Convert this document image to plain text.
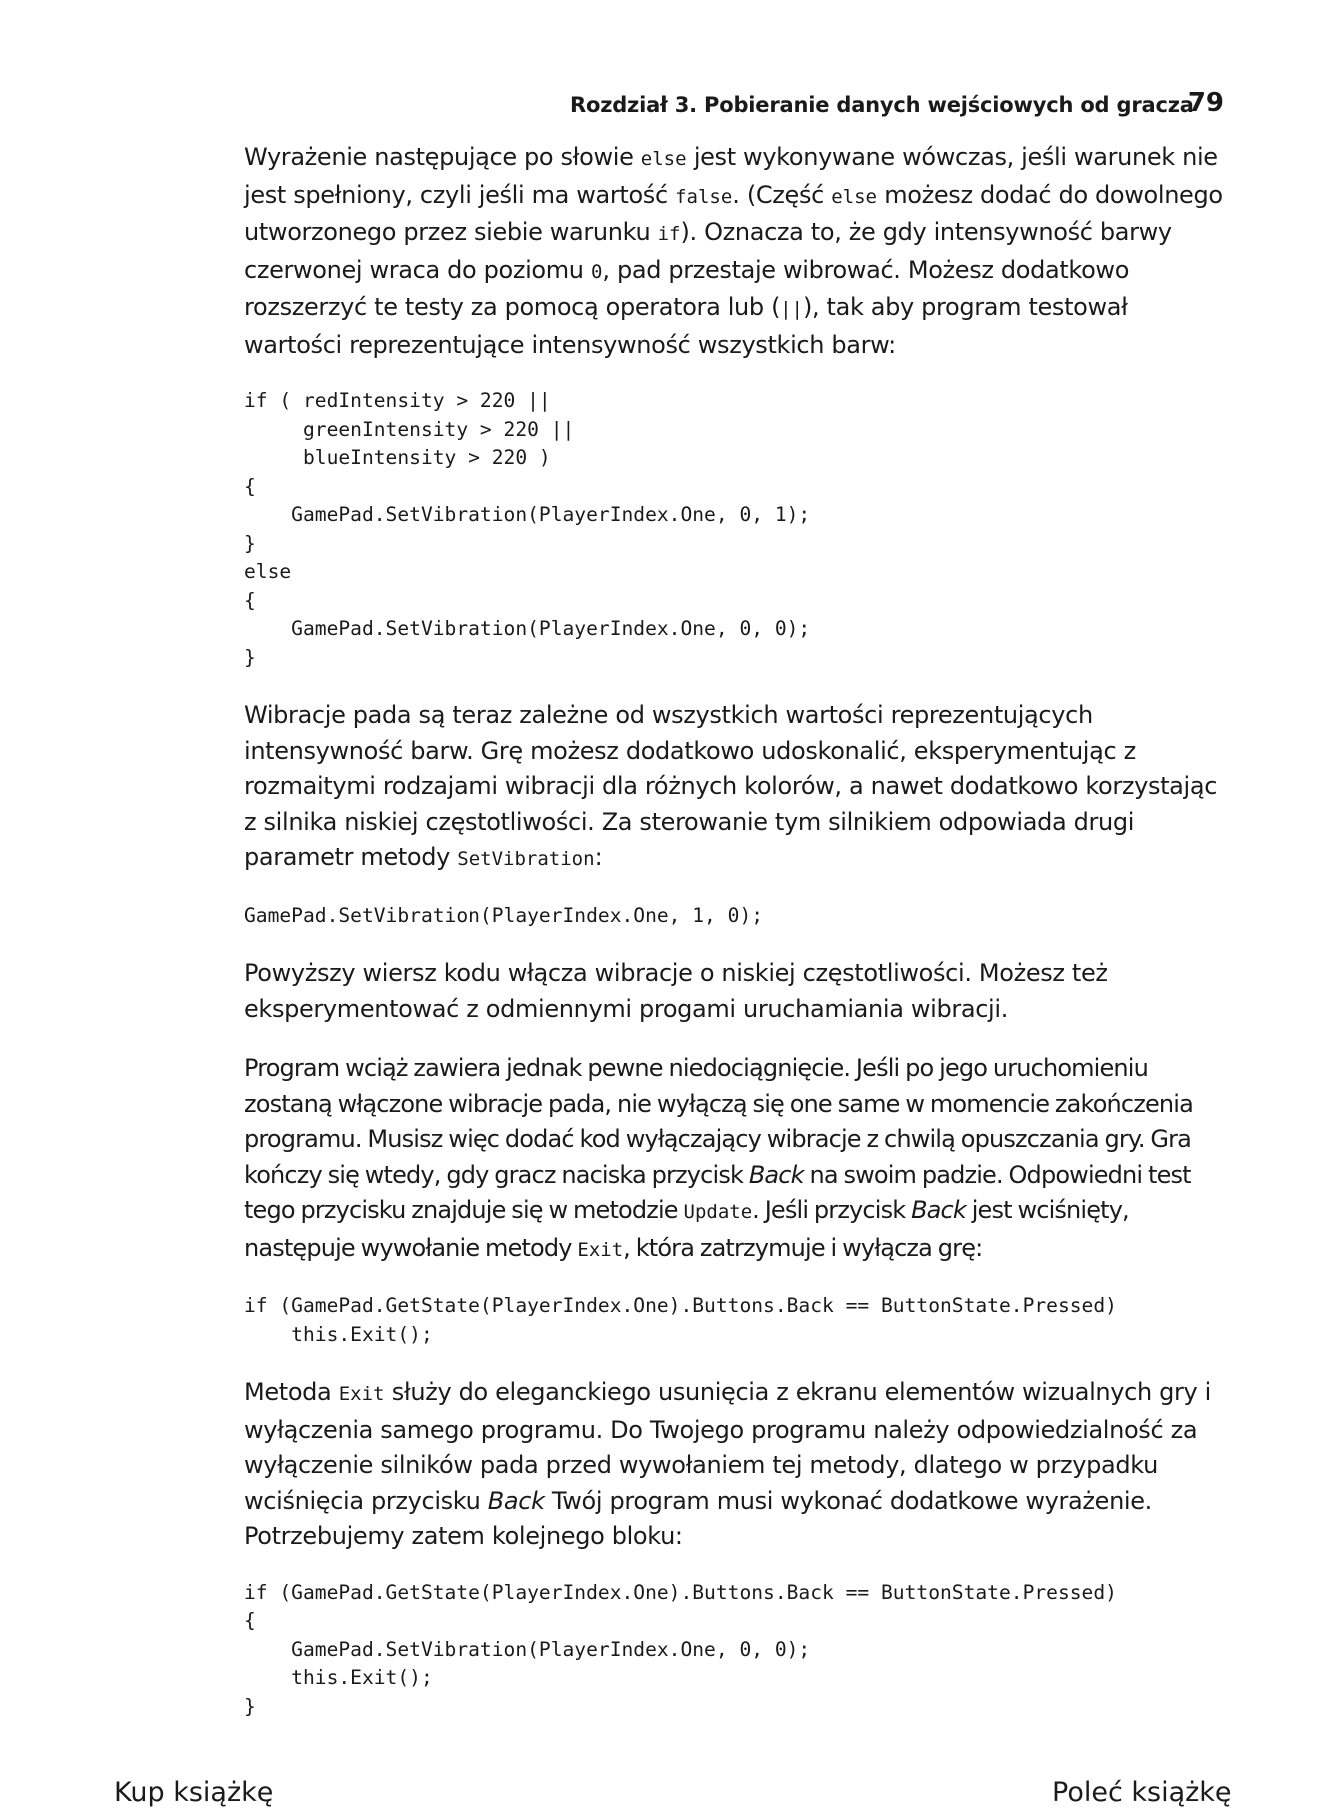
Rozdział 3. Pobieranie danych wejściowych od gracza
79

Wyrażenie następujące po słowie else jest wykonywane wówczas, jeśli warunek nie jest spełniony, czyli jeśli ma wartość false. (Część else możesz dodać do dowolnego utworzonego przez siebie warunku if). Oznacza to, że gdy intensywność barwy czerwonej wraca do poziomu 0, pad przestaje wibrować. Możesz dodatkowo rozszerzyć te testy za pomocą operatora lub (||), tak aby program testował wartości reprezentujące intensywność wszystkich barw:

if ( redIntensity > 220 ||
greenIntensity > 220 ||
blueIntensity > 220 )
{
GamePad.SetVibration(PlayerIndex.One, 0, 1);
}
else
{
GamePad.SetVibration(PlayerIndex.One, 0, 0);
}

Wibracje pada są teraz zależne od wszystkich wartości reprezentujących intensywność barw. Grę możesz dodatkowo udoskonalić, eksperymentując z rozmaitymi rodzajami wibracji dla różnych kolorów, a nawet dodatkowo korzystając z silnika niskiej częstotliwości. Za sterowanie tym silnikiem odpowiada drugi parametr metody SetVibration:

GamePad.SetVibration(PlayerIndex.One, 1, 0);

Powyższy wiersz kodu włącza wibracje o niskiej częstotliwości. Możesz też eksperymentować z odmiennymi progami uruchamiania wibracji.

Program wciąż zawiera jednak pewne niedociągnięcie. Jeśli po jego uruchomieniu zostaną włączone wibracje pada, nie wyłączą się one same w momencie zakończenia programu. Musisz więc dodać kod wyłączający wibracje z chwilą opuszczania gry. Gra kończy się wtedy, gdy gracz naciska przycisk Back na swoim padzie. Odpowiedni test tego przycisku znajduje się w metodzie Update. Jeśli przycisk Back jest wciśnięty, następuje wywołanie metody Exit, która zatrzymuje i wyłącza grę:

if (GamePad.GetState(PlayerIndex.One).Buttons.Back == ButtonState.Pressed)
this.Exit();

Metoda Exit służy do eleganckiego usunięcia z ekranu elementów wizualnych gry i wyłączenia samego programu. Do Twojego programu należy odpowiedzialność za wyłączenie silników pada przed wywołaniem tej metody, dlatego w przypadku wciśnięcia przycisku Back Twój program musi wykonać dodatkowe wyrażenie. Potrzebujemy zatem kolejnego bloku:

if (GamePad.GetState(PlayerIndex.One).Buttons.Back == ButtonState.Pressed)
{
GamePad.SetVibration(PlayerIndex.One, 0, 0);
this.Exit();
}
Kup książkę	Poleć książkę
